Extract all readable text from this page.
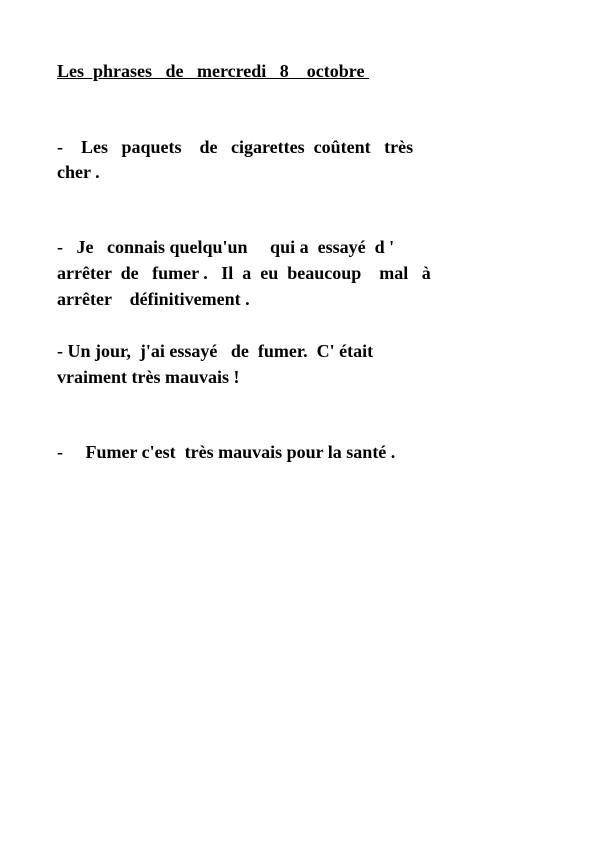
Les  phrases   de   mercredi   8    octobre
-    Les   paquets    de   cigarettes  coûtent   très
cher .
-   Je   connais quelqu'un     qui a  essayé  d '
arrêter  de   fumer .   Il  a  eu  beaucoup    mal   à
arrêter    définitivement .
- Un jour,  j'ai essayé   de  fumer.  C' était
vraiment très mauvais !
-     Fumer c'est  très mauvais pour la santé .
